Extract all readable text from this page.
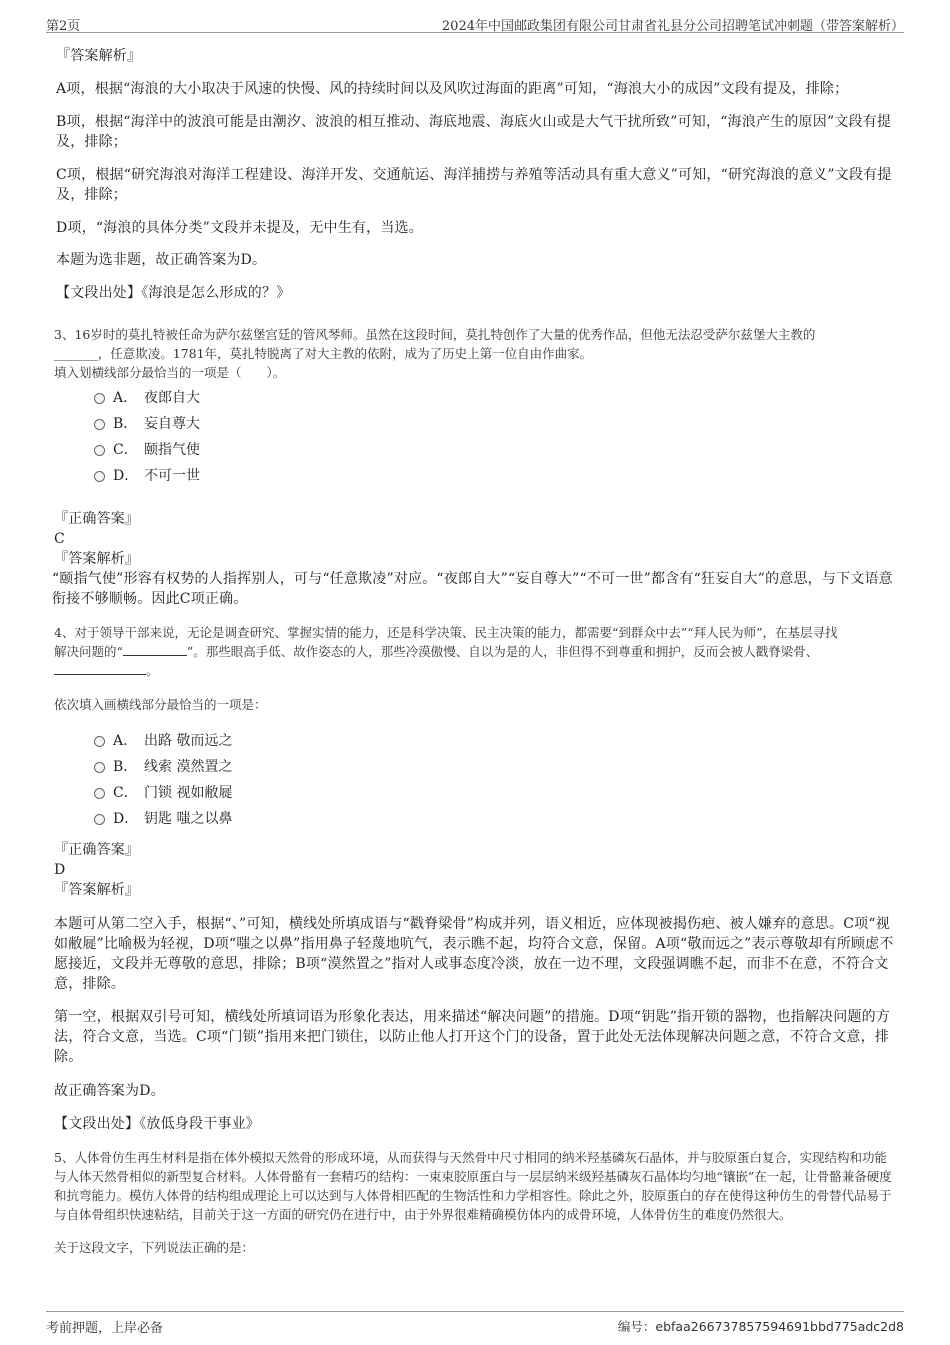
第2页	2024年中国邮政集团有限公司甘肃省礼县分公司招聘笔试冲刺题（带答案解析）

『答案解析』

A项，根据“海浪的大小取决于风速的快慢、风的持续时间以及风吹过海面的距离”可知，“海浪大小的成因”文段有提及，排除；

B项，根据“海洋中的波浪可能是由潮汐、波浪的相互推动、海底地震、海底火山或是大气干扰所致”可知，“海浪产生的原因”文段有提及，排除；

C项，根据“研究海浪对海洋工程建设、海洋开发、交通航运、海洋捕捞与养殖等活动具有重大意义”可知，“研究海浪的意义”文段有提及，排除；

D项，“海浪的具体分类”文段并未提及，无中生有，当选。

本题为选非题，故正确答案为D。

【文段出处】《海浪是怎么形成的？》

3、16岁时的莫扎特被任命为萨尔兹堡宫廷的管风琴师。虽然在这段时间，莫扎特创作了大量的优秀作品，但他无法忍受萨尔兹堡大主教的

_______，任意欺凌。1781年，莫扎特脱离了对大主教的依附，成为了历史上第一位自由作曲家。

填入划横线部分最恰当的一项是（　　）。

A． 夜郎自大
B． 妄自尊大
C． 颐指气使
D． 不可一世

『正确答案』

C

『答案解析』

“颐指气使”形容有权势的人指挥别人，可与“任意欺凌”对应。“夜郎自大”“妄自尊大”“不可一世”都含有“狂妄自大”的意思，与下文语意衔接不够顺畅。因此C项正确。

4、对于领导干部来说，无论是调查研究、掌握实情的能力，还是科学决策、民主决策的能力，都需要“到群众中去”“拜人民为师”，在基层寻找

解决问题的“	”。那些眼高手低、故作姿态的人，那些冷漠傲慢、自以为是的人，非但得不到尊重和拥护，反而会被人戳脊梁骨、

。

依次填入画横线部分最恰当的一项是：

A． 出路 敬而远之
B． 线索 漠然置之
C． 门锁 视如敝屣
D． 钥匙 嗤之以鼻

『正确答案』

D

『答案解析』

本题可从第二空入手，根据“、”可知，横线处所填成语与“戳脊梁骨”构成并列，语义相近，应体现被揭伤疤、被人嫌弃的意思。C项“视如敝屣”比喻极为轻视，D项“嗤之以鼻”指用鼻子轻蔑地吭气，表示瞧不起，均符合文意，保留。A项“敬而远之”表示尊敬却有所顾虑不愿接近，文段并无尊敬的意思，排除；B项“漠然置之”指对人或事态度冷淡，放在一边不理，文段强调瞧不起，而非不在意，不符合文意，排除。

第一空，根据双引号可知，横线处所填词语为形象化表达，用来描述“解决问题”的措施。D项“钥匙”指开锁的器物，也指解决问题的方法，符合文意，当选。C项“门锁”指用来把门锁住，以防止他人打开这个门的设备，置于此处无法体现解决问题之意，不符合文意，排除。

故正确答案为D。

【文段出处】《放低身段干事业》

5、人体骨仿生再生材料是指在体外模拟天然骨的形成环境，从而获得与天然骨中尺寸相同的纳米羟基磷灰石晶体，并与胶原蛋白复合，实现结构和功能与人体天然骨相似的新型复合材料。人体骨骼有一套精巧的结构：一束束胶原蛋白与一层层纳米级羟基磷灰石晶体均匀地“镶嵌”在一起，让骨骼兼备硬度和抗弯能力。模仿人体骨的结构组成理论上可以达到与人体骨相匹配的生物活性和力学相容性。除此之外，胶原蛋白的存在使得这种仿生的骨替代品易于与自体骨组织快速粘结，目前关于这一方面的研究仍在进行中，由于外界很难精确模仿体内的成骨环境，人体骨仿生的难度仍然很大。

关于这段文字，下列说法正确的是：

考前押题，上岸必备	编号：ebfaa266737857594691bbd775adc2d8
